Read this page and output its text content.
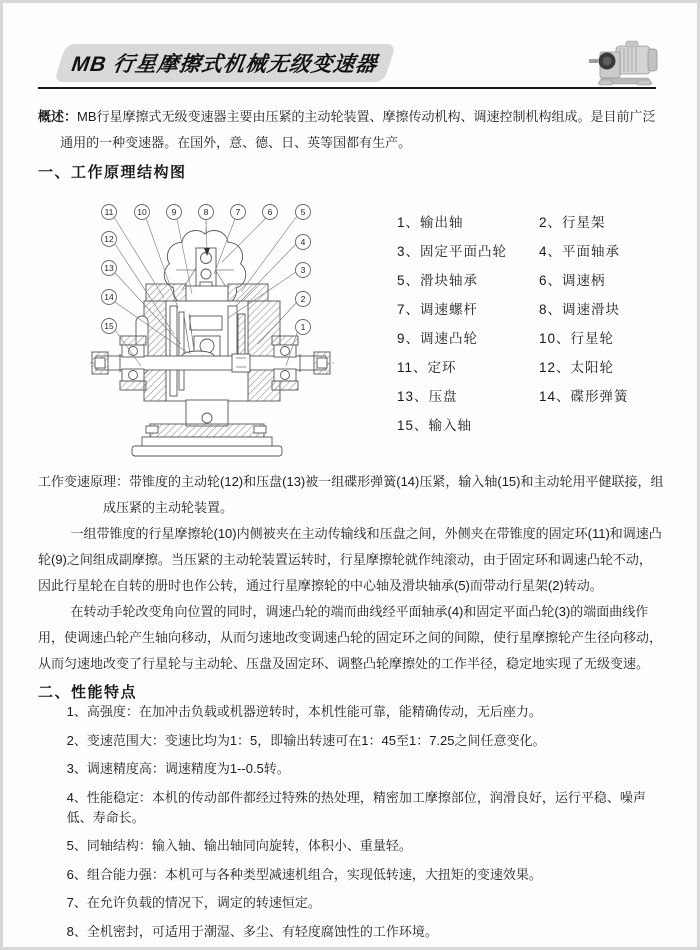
MB 行星摩擦式机械无级变速器

概述：MB行星摩擦式无级变速器主要由压紧的主动轮装置、摩擦传动机构、调速控制机构组成。是目前广泛通用的一种变速器。在国外，意、德、日、英等国都有生产。

一、工作原理结构图
11	10	9	8	7	6	5
4
3
2
1
12
13
14
15
1、输出轴	2、行星架
3、固定平面凸轮	4、平面轴承
5、滑块轴承	6、调速柄
7、调速螺杆	8、调速滑块
9、调速凸轮	10、行星轮
11、定环	12、太阳轮
13、压盘	14、碟形弹簧
15、输入轴

工作变速原理：带锥度的主动轮(12)和压盘(13)被一组碟形弹簧(14)压紧，输入轴(15)和主动轮用平健联接，组成压紧的主动轮装置。

一组带锥度的行星摩擦轮(10)内侧被夹在主动传输线和压盘之间，外侧夹在带锥度的固定环(11)和调速凸轮(9)之间组成副摩擦。当压紧的主动轮装置运转时，行星摩擦轮就作纯滚动，由于固定环和调速凸轮不动，因此行星轮在自转的册时也作公转，通过行星摩擦轮的中心轴及滑块轴承(5)而带动行星架(2)转动。

在转动手轮改变角向位置的同时，调速凸轮的端而曲线经平面轴承(4)和固定平面凸轮(3)的端面曲线作用，使调速凸轮产生轴向移动，从而匀速地改变调速凸轮的固定环之间的间隙，使行星摩擦轮产生径向移动，从而匀速地改变了行星轮与主动轮、压盘及固定环、调整凸轮摩擦处的工作半径，稳定地实现了无级变速。

二、性能特点
1、高强度：在加冲击负载或机器逆转时，本机性能可靠，能精确传动，无后座力。
2、变速范围大：变速比均为1：5，即输出转速可在1：45至1：7.25之间任意变化。
3、调速精度高：调速精度为1--0.5转。
4、性能稳定：本机的传动部件都经过特殊的热处理，精密加工摩擦部位，润滑良好，运行平稳、噪声低、寿命长。
5、同轴结构：输入轴、输出轴同向旋转，体积小、重量轻。
6、组合能力强：本机可与各种类型减速机组合，实现低转速，大扭矩的变速效果。
7、在允许负载的情况下，调定的转速恒定。
8、全机密封，可适用于潮湿、多尘、有轻度腐蚀性的工作环境。
